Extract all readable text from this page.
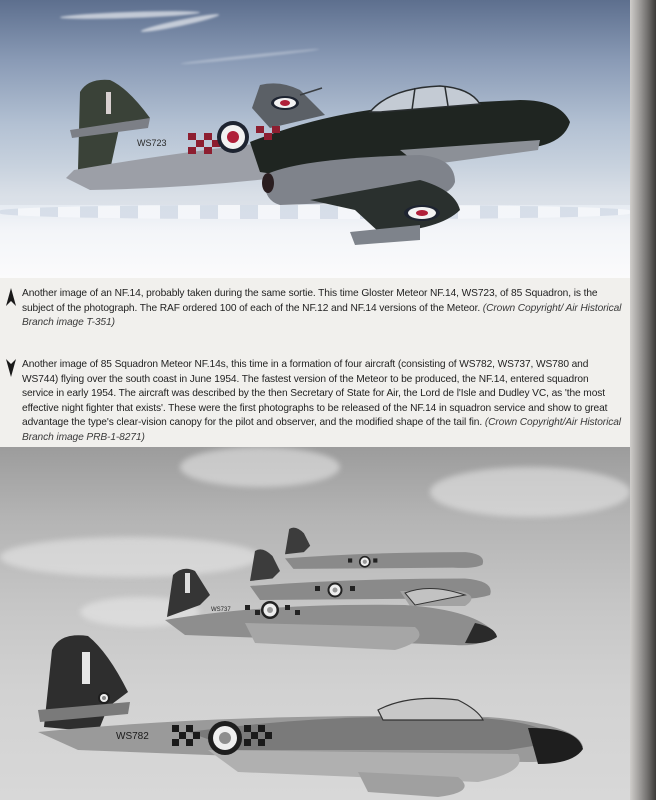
WS723
Another image of an NF.14, probably taken during the same sortie. This time Gloster Meteor NF.14, WS723, of 85 Squadron, is the subject of the photograph. The RAF ordered 100 of each of the NF.12 and NF.14 versions of the Meteor. (Crown Copyright/ Air Historical Branch image T-351)
Another image of 85 Squadron Meteor NF.14s, this time in a formation of four aircraft (consisting of WS782, WS737, WS780 and WS744) flying over the south coast in June 1954. The fastest version of the Meteor to be produced, the NF.14, entered squadron service in early 1954. The aircraft was described by the then Secretary of State for Air, the Lord de l'Isle and Dudley VC, as 'the most effective night fighter that exists'. These were the first photographs to be released of the NF.14 in squadron service and show to great advantage the type's clear-vision canopy for the pilot and observer, and the modified shape of the tail fin. (Crown Copyright/Air Historical Branch image PRB-1-8271)
WS737
WS782
